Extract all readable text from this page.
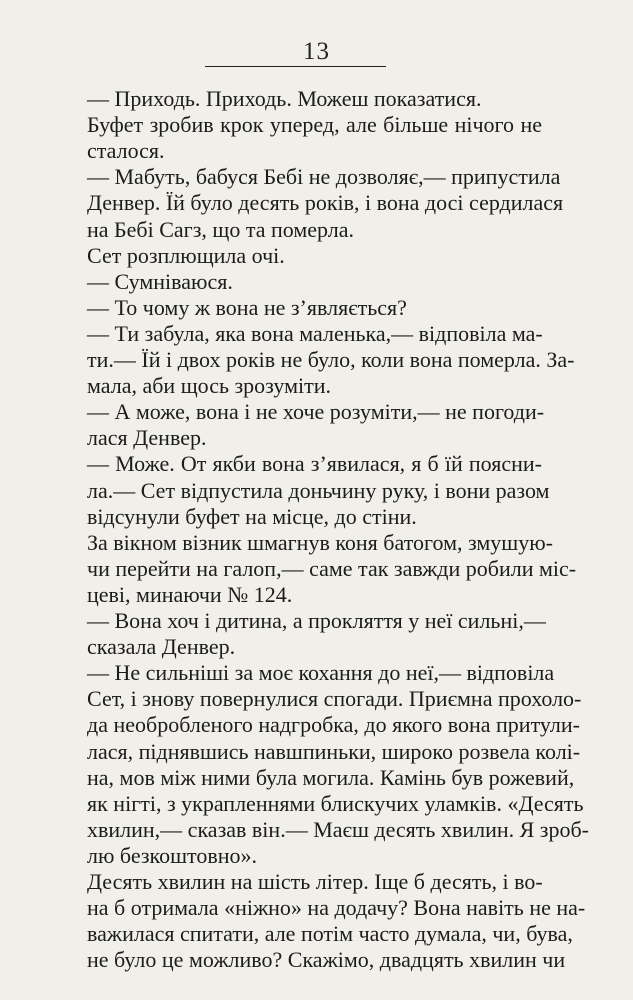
13
— Приходь. Приходь. Можеш показатися.
Буфет зробив крок уперед, але більше нічого не
сталося.
— Мабуть, бабуся Бебі не дозволяє,— припустила
Денвер. Їй було десять років, і вона досі сердилася
на Бебі Сагз, що та померла.
Сет розплющила очі.
— Сумніваюся.
— То чому ж вона не з’являється?
— Ти забула, яка вона маленька,— відповіла ма-
ти.— Їй і двох років не було, коли вона померла. За-
мала, аби щось зрозуміти.
— А може, вона і не хоче розуміти,— не погоди-
лася Денвер.
— Може. От якби вона з’явилася, я б їй поясни-
ла.— Сет відпустила доньчину руку, і вони разом
відсунули буфет на місце, до стіни.
За вікном візник шмагнув коня батогом, змушую-
чи перейти на галоп,— саме так завжди робили міс-
цеві, минаючи № 124.
— Вона хоч і дитина, а прокляття у неї сильні,—
сказала Денвер.
— Не сильніші за моє кохання до неї,— відповіла
Сет, і знову повернулися спогади. Приємна прохоло-
да необробленого надгробка, до якого вона притули-
лася, піднявшись навшпиньки, широко розвела колі-
на, мов між ними була могила. Камінь був рожевий,
як нігті, з украпленнями блискучих уламків. «Десять
хвилин,— сказав він.— Маєш десять хвилин. Я зроб-
лю безкоштовно».
Десять хвилин на шість літер. Іще б десять, і во-
на б отримала «ніжно» на додачу? Вона навіть не на-
важилася спитати, але потім часто думала, чи, бува,
не було це можливо? Скажімо, двадцять хвилин чи
